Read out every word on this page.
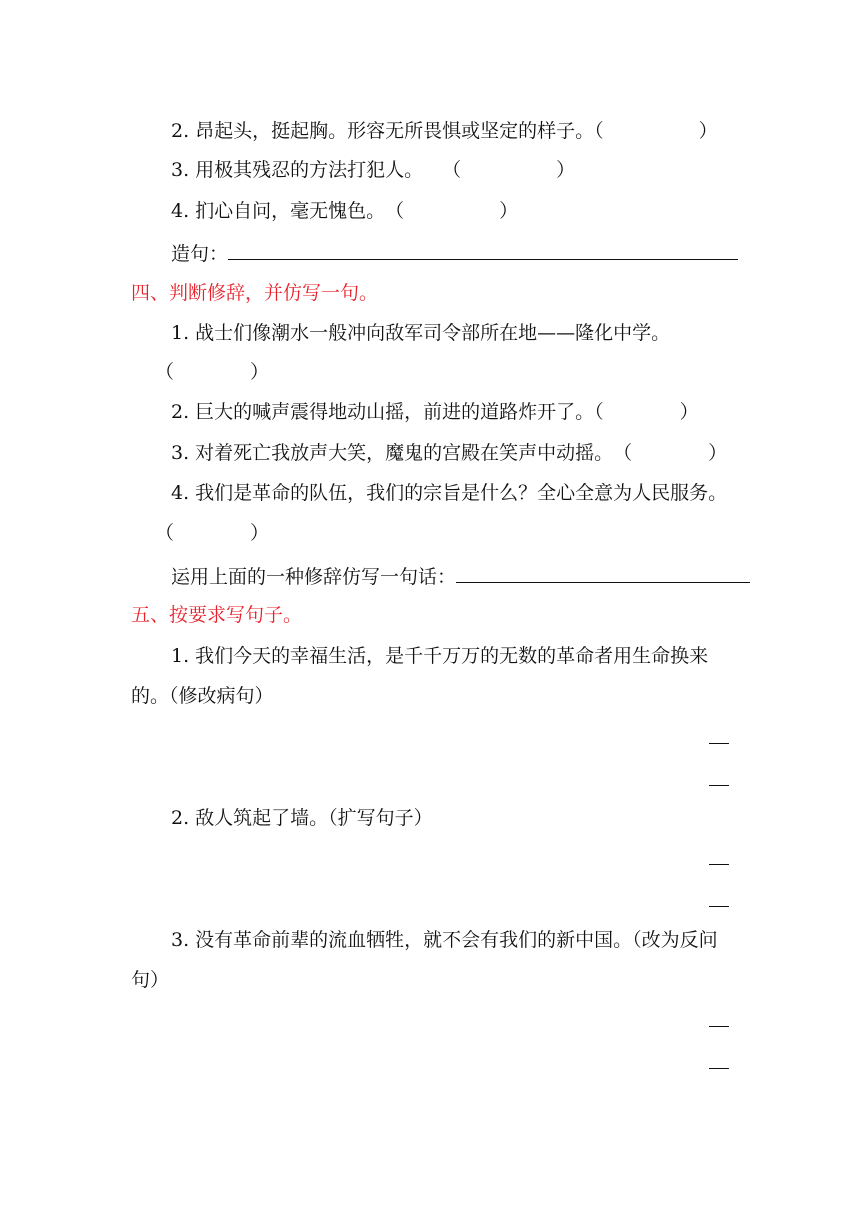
2. 昂起头，挺起胸。形容无所畏惧或坚定的样子。（　　　　　）
3. 用极其残忍的方法打犯人。　　（　　　　　）
4. 扪心自问，毫无愧色。　（　　　　　）
造句：
四、判断修辞，并仿写一句。
1. 战士们像潮水一般冲向敌军司令部所在地——隆化中学。
（　　　　）
2. 巨大的喊声震得地动山摇，前进的道路炸开了。（　　　　）
3. 对着死亡我放声大笑，魔鬼的宫殿在笑声中动摇。　（　　　　）
4. 我们是革命的队伍，我们的宗旨是什么？全心全意为人民服务。
（　　　　）
运用上面的一种修辞仿写一句话：
五、按要求写句子。
1. 我们今天的幸福生活，是千千万万的无数的革命者用生命换来
的。（修改病句）
2. 敌人筑起了墙。（扩写句子）
3. 没有革命前辈的流血牺牲，就不会有我们的新中国。（改为反问
句）
